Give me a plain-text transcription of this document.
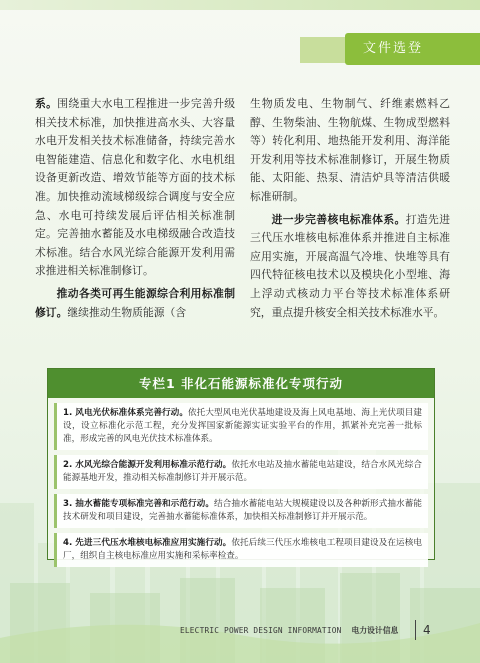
文件选登

系。围绕重大水电工程推进一步完善升级相关技术标准，加快推进高水头、大容量水电开发相关技术标准储备，持续完善水电智能建造、信息化和数字化、水电机组设备更新改造、增效节能等方面的技术标准。加快推动流域梯级综合调度与安全应急、水电可持续发展后评估相关标准制定。完善抽水蓄能及水电梯级融合改造技术标准。结合水风光综合能源开发利用需求推进相关标准制修订。

推动各类可再生能源综合利用标准制修订。继续推动生物质能源（含

生物质发电、生物制气、纤维素燃料乙醇、生物柴油、生物航煤、生物成型燃料等）转化利用、地热能开发利用、海洋能开发利用等技术标准制修订，开展生物质能、太阳能、热泵、清洁炉具等清洁供暖标准研制。

进一步完善核电标准体系。打造先进三代压水堆核电标准体系并推进自主标准应用实施，开展高温气冷堆、快堆等具有四代特征核电技术以及模块化小型堆、海上浮动式核动力平台等技术标准体系研究，重点提升核安全相关技术标准水平。

专栏1 非化石能源标准化专项行动
1. 风电光伏标准体系完善行动。依托大型风电光伏基地建设及海上风电基地、海上光伏项目建设，设立标准化示范工程，充分发挥国家新能源实证实验平台的作用，抓紧补充完善一批标准，形成完善的风电光伏技术标准体系。
2. 水风光综合能源开发利用标准示范行动。依托水电站及抽水蓄能电站建设，结合水风光综合能源基地开发，推动相关标准制修订并开展示范。
3. 抽水蓄能专项标准完善和示范行动。结合抽水蓄能电站大规模建设以及各种新形式抽水蓄能技术研发和项目建设，完善抽水蓄能标准体系，加快相关标准制修订并开展示范。
4. 先进三代压水堆核电标准应用实施行动。依托后续三代压水堆核电工程项目建设及在运核电厂，组织自主核电标准应用实施和采标率检查。
ELECTRIC POWER DESIGN INFORMATION 电力设计信息	4
